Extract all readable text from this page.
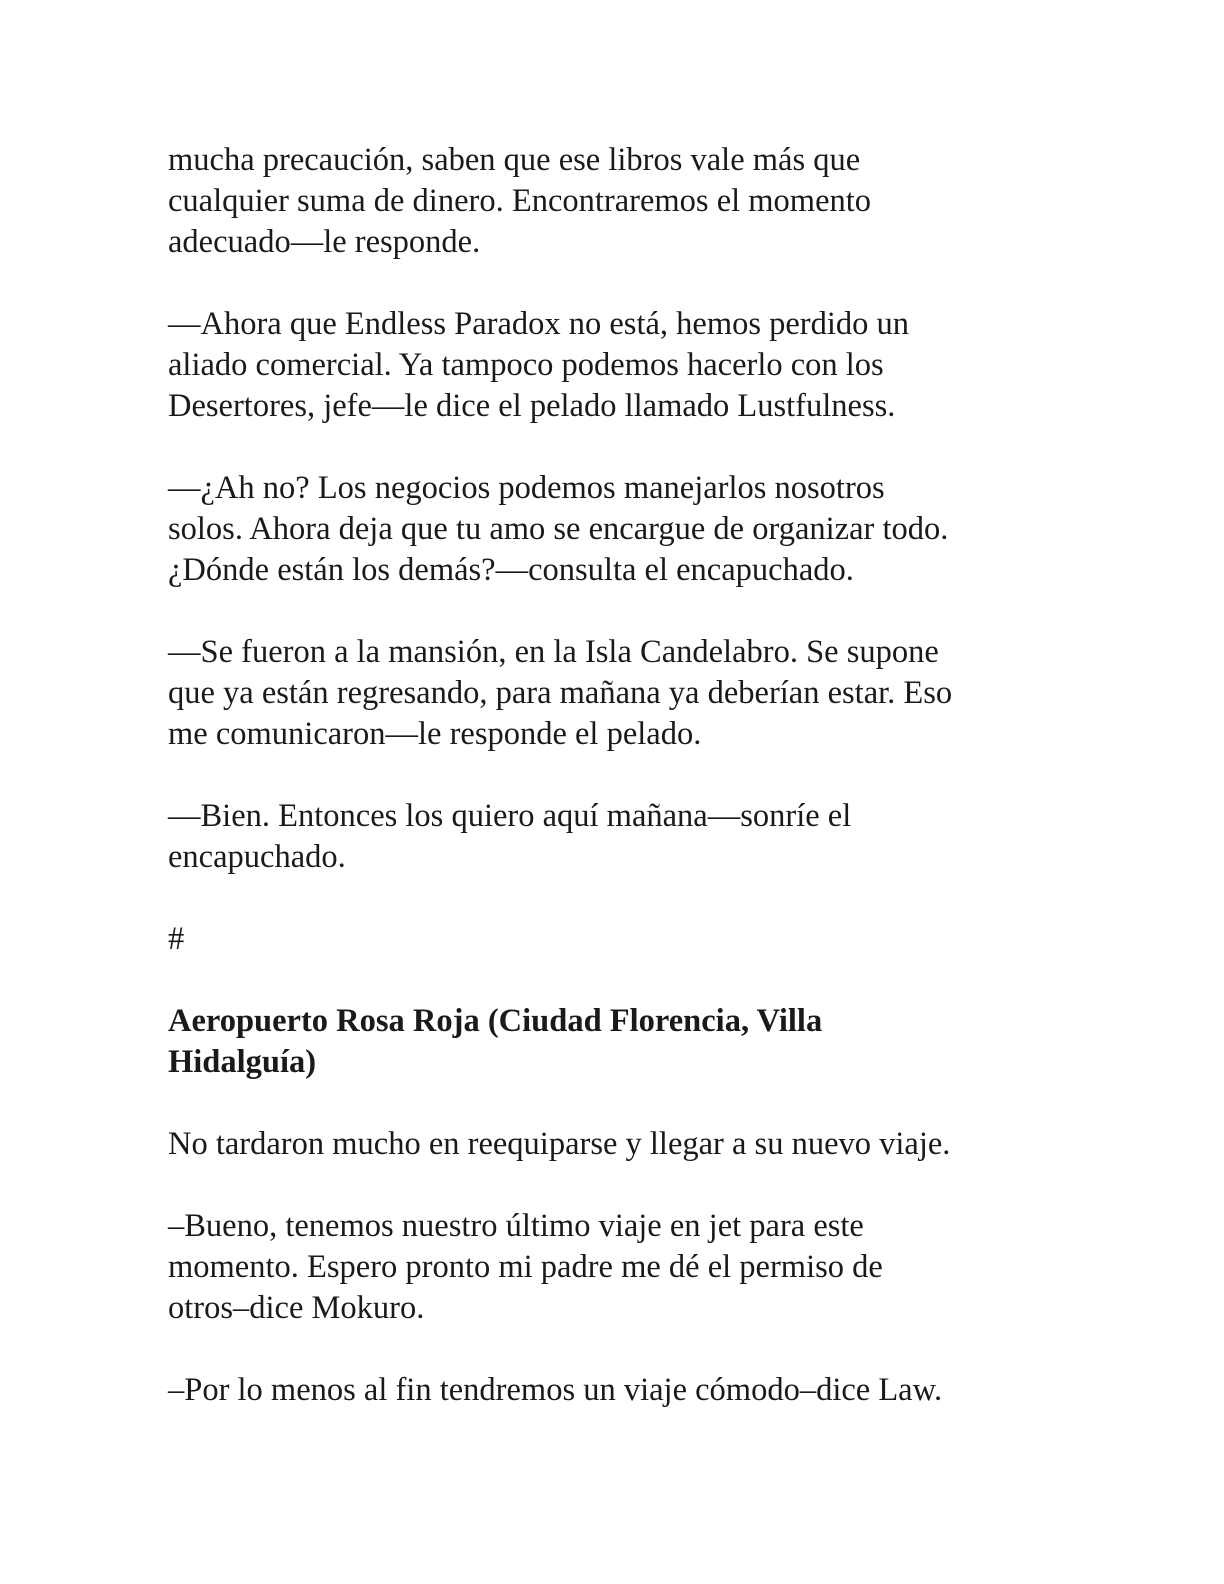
mucha precaución, saben que ese libros vale más que
cualquier suma de dinero. Encontraremos el momento
adecuado—le responde.

—Ahora que Endless Paradox no está, hemos perdido un
aliado comercial. Ya tampoco podemos hacerlo con los
Desertores, jefe—le dice el pelado llamado Lustfulness.

—¿Ah no? Los negocios podemos manejarlos nosotros
solos. Ahora deja que tu amo se encargue de organizar todo.
¿Dónde están los demás?—consulta el encapuchado.

—Se fueron a la mansión, en la Isla Candelabro. Se supone
que ya están regresando, para mañana ya deberían estar. Eso
me comunicaron—le responde el pelado.

—Bien. Entonces los quiero aquí mañana—sonríe el
encapuchado.

#

Aeropuerto Rosa Roja (Ciudad Florencia, Villa
Hidalguía)

No tardaron mucho en reequiparse y llegar a su nuevo viaje.

–Bueno, tenemos nuestro último viaje en jet para este
momento. Espero pronto mi padre me dé el permiso de
otros–dice Mokuro.

–Por lo menos al fin tendremos un viaje cómodo–dice Law.
